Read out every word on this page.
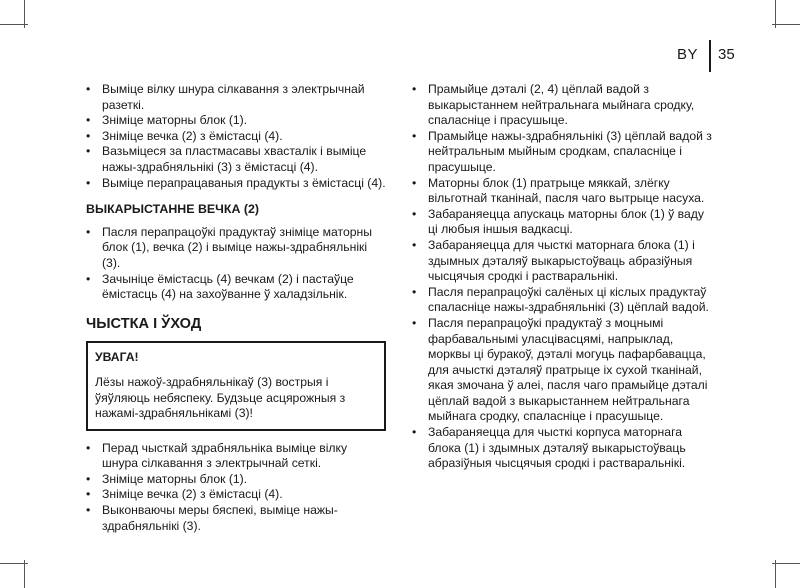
BY 35
• Выміце вілку шнура сілкавання з электрычнай разеткі.
• Зніміце маторны блок (1).
• Зніміце вечка (2) з ёмістасці (4).
• Вазьміцеся за пластмасавы хвасталік і выміце нажы-здрабняльнікі (3) з ёмістасці (4).
• Выміце перапрацаваныя прадукты з ёмістасці (4).
ВЫКАРЫСТАННЕ ВЕЧКА (2)
• Пасля перапрацоўкі прадуктаў зніміце маторны блок (1), вечка (2) і выміце нажы-здрабняльнікі (3).
• Зачыніце ёмістасць (4) вечкам (2) і пастаўце ёмістасць (4) на захоўванне ў халадзільнік.
ЧЫСТКА І ЎХОД
УВАГА!
Лёзы нажоў-здрабняльнікаў (3) вострыя і ўяўляюць небяспеку. Будзьце асцярожныя з нажамі-здрабняльнікамі (3)!
• Перад чысткай здрабняльніка выміце вілку шнура сілкавання з электрычнай сеткі.
• Зніміце маторны блок (1).
• Зніміце вечка (2) з ёмістасці (4).
• Выконваючы меры бяспекі, выміце нажы-здрабняльнікі (3).
• Прамыйце дэталі (2, 4) цёплай вадой з выкарыстаннем нейтральнага мыйнага сродку, спаласніце і прасушыце.
• Прамыйце нажы-здрабняльнікі (3) цёплай вадой з нейтральным мыйным сродкам, спаласніце і прасушыце.
• Маторны блок (1) пратрыце мяккай, злёгку вільготнай тканінай, пасля чаго вытрыце насуха.
• Забараняецца апускаць маторны блок (1) ў ваду ці любыя іншыя вадкасці.
• Забараняецца для чысткі маторнага блока (1) і здымных дэталяў выкарыстоўваць абразіўныя чысцячыя сродкі і растваральнікі.
• Пасля перапрацоўкі салёных ці кіслых прадуктаў спаласніце нажы-здрабняльнікі (3) цёплай вадой.
• Пасля перапрацоўкі прадуктаў з моцнымі фарбавальнымі уласцівасцямі, напрыклад, морквы ці буракоў, дэталі могуць пафарбавацца, для ачысткі дэталяў пратрыце іх сухой тканінай, якая змочана ў алеі, пасля чаго прамыйце дэталі цёплай вадой з выкарыстаннем нейтральнага мыйнага сродку, спаласніце і прасушыце.
• Забараняецца для чысткі корпуса маторнага блока (1) і здымных дэталяў выкарыстоўваць абразіўныя чысцячыя сродкі і растваральнікі.
